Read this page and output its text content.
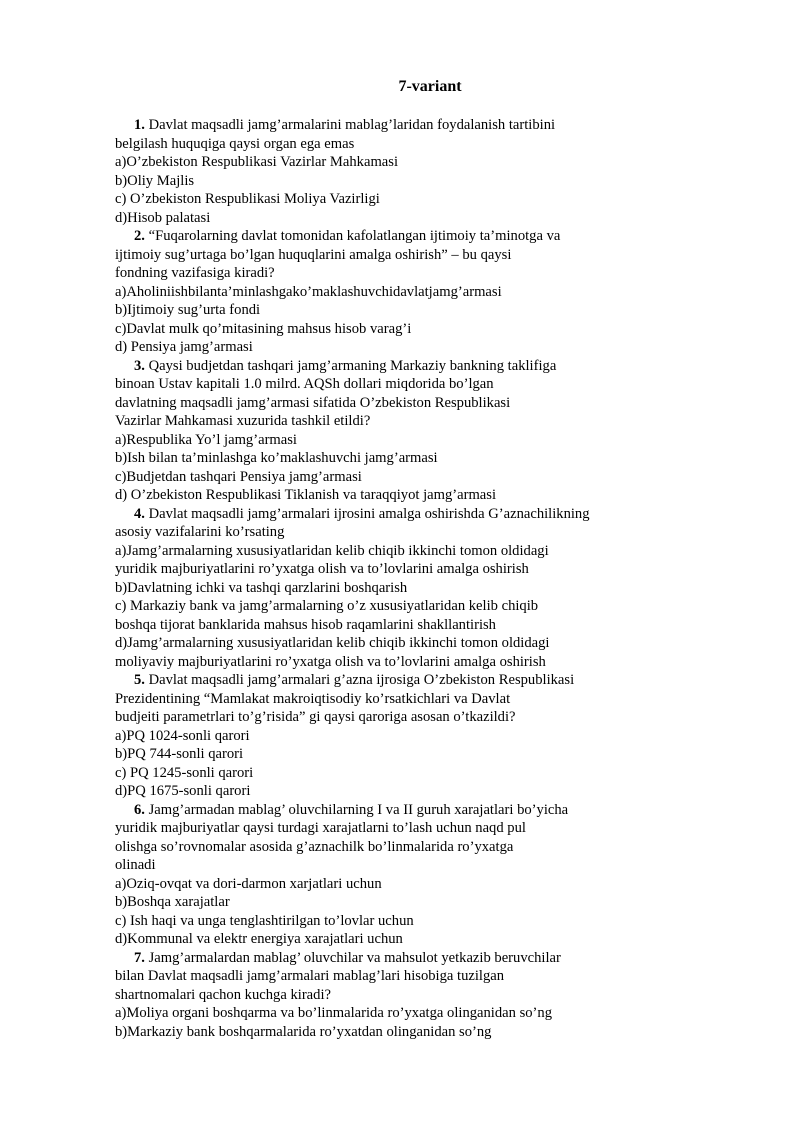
7-variant
1. Davlat maqsadli jamg’armalarini mablag’laridan foydalanish tartibini
belgilash huquqiga qaysi organ ega emas
a)O’zbekiston Respublikasi Vazirlar Mahkamasi
b)Oliy Majlis
c) O’zbekiston Respublikasi Moliya Vazirligi
d)Hisob palatasi
2. “Fuqarolarning davlat tomonidan kafolatlangan ijtimoiy ta’minotga va
ijtimoiy sug’urtaga bo’lgan huquqlarini amalga oshirish” – bu qaysi
fondning vazifasiga kiradi?
a)Aholiniishbilanta’minlashgako’maklashuvchidavlatjamg’armasi
b)Ijtimoiy sug’urta fondi
c)Davlat mulk qo’mitasining mahsus hisob varag’i
d) Pensiya jamg’armasi
3. Qaysi budjetdan tashqari jamg’armaning Markaziy bankning taklifiga
binoan Ustav kapitali 1.0 milrd. AQSh dollari miqdorida bo’lgan
davlatning maqsadli jamg’armasi sifatida O’zbekiston Respublikasi
Vazirlar Mahkamasi xuzurida tashkil etildi?
a)Respublika Yo’l jamg’armasi
b)Ish bilan ta’minlashga ko’maklashuvchi jamg’armasi
c)Budjetdan tashqari Pensiya jamg’armasi
d) O’zbekiston Respublikasi Tiklanish va taraqqiyot jamg’armasi
4. Davlat maqsadli jamg’armalari ijrosini amalga oshirishda G’aznachilikning
asosiy vazifalarini ko’rsating
a)Jamg’armalarning xususiyatlaridan kelib chiqib ikkinchi tomon oldidagi
yuridik majburiyatlarini ro’yxatga olish va to’lovlarini amalga oshirish
b)Davlatning ichki va tashqi qarzlarini boshqarish
c) Markaziy bank va jamg’armalarning o’z xususiyatlaridan kelib chiqib
boshqa tijorat banklarida mahsus hisob raqamlarini shakllantirish
d)Jamg’armalarning xususiyatlaridan kelib chiqib ikkinchi tomon oldidagi
moliyaviy majburiyatlarini ro’yxatga olish va to’lovlarini amalga oshirish
5. Davlat maqsadli jamg’armalari g’azna ijrosiga O’zbekiston Respublikasi
Prezidentining “Mamlakat makroiqtisodiy ko’rsatkichlari va Davlat
budjeiti parametrlari to’g’risida” gi qaysi qaroriga asosan o’tkazildi?
a)PQ 1024-sonli qarori
b)PQ 744-sonli qarori
c) PQ 1245-sonli qarori
d)PQ 1675-sonli qarori
6. Jamg’armadan mablag’ oluvchilarning I va II guruh xarajatlari bo’yicha
yuridik majburiyatlar qaysi turdagi xarajatlarni to’lash uchun naqd pul
olishga so’rovnomalar asosida g’aznachilk bo’linmalarida ro’yxatga
olinadi
a)Oziq-ovqat va dori-darmon xarjatlari uchun
b)Boshqa xarajatlar
c) Ish haqi va unga tenglashtirilgan to’lovlar uchun
d)Kommunal va elektr energiya xarajatlari uchun
7. Jamg’armalardan mablag’ oluvchilar va mahsulot yetkazib beruvchilar
bilan Davlat maqsadli jamg’armalari mablag’lari hisobiga tuzilgan
shartnomalari qachon kuchga kiradi?
a)Moliya organi boshqarma va bo’linmalarida ro’yxatga olinganidan so’ng
b)Markaziy bank boshqarmalarida ro’yxatdan olinganidan so’ng
